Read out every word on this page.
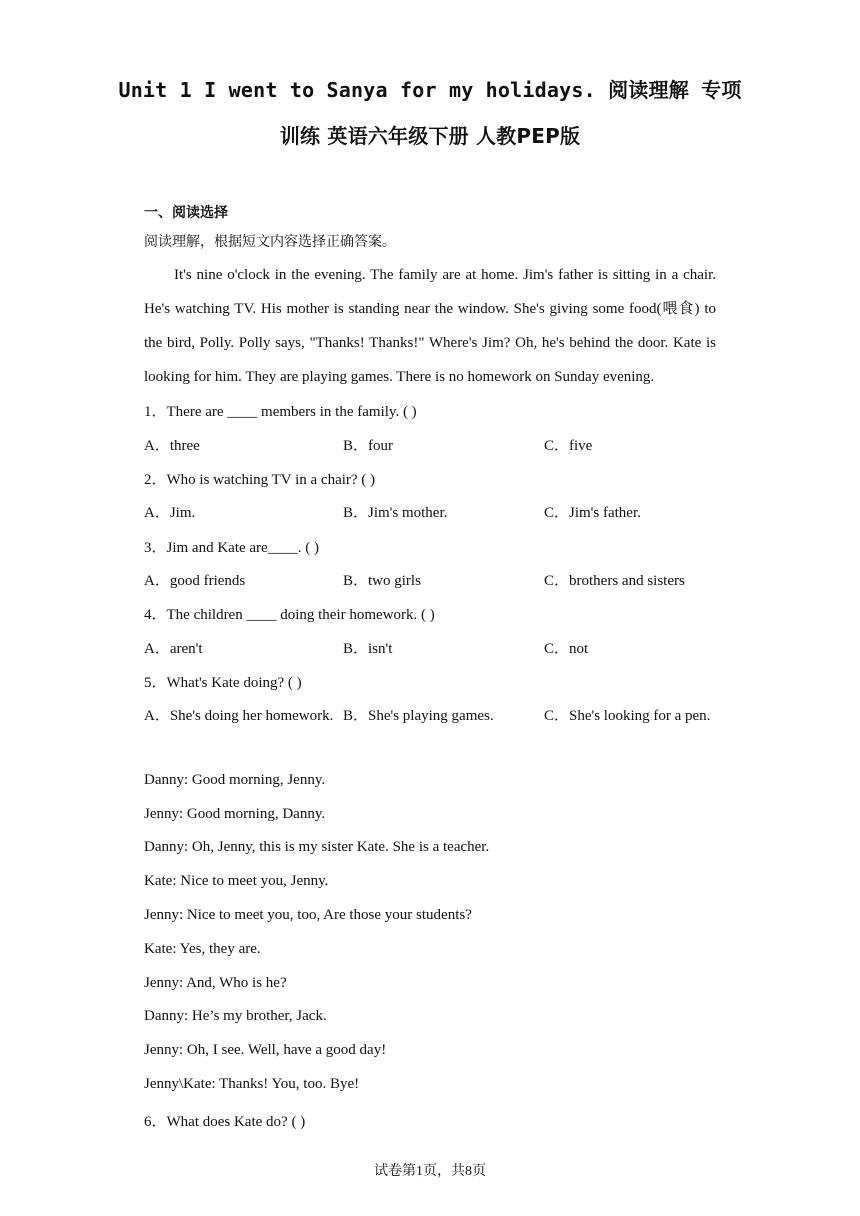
Unit 1 I went to Sanya for my holidays. 阅读理解 专项
训练 英语六年级下册 人教PEP版
一、阅读选择
阅读理解，根据短文内容选择正确答案。
It's nine o'clock in the evening. The family are at home. Jim's father is sitting in a chair. He's watching TV. His mother is standing near the window. She's giving some food(喂食) to the bird, Polly. Polly says, "Thanks! Thanks!" Where's Jim? Oh, he's behind the door. Kate is looking for him. They are playing games. There is no homework on Sunday evening.
1．There are ____ members in the family. ( )
A．three	B．four	C．five
2．Who is watching TV in a chair? ( )
A．Jim.	B．Jim's mother.	C．Jim's father.
3．Jim and Kate are____. ( )
A．good friends	B．two girls	C．brothers and sisters
4．The children ____ doing their homework. ( )
A．aren't	B．isn't	C．not
5．What's Kate doing? ( )
A．She's doing her homework. B．She's playing games.	C．She's looking for a pen.
Danny: Good morning, Jenny.
Jenny: Good morning, Danny.
Danny: Oh, Jenny, this is my sister Kate. She is a teacher.
Kate: Nice to meet you, Jenny.
Jenny: Nice to meet you, too, Are those your students?
Kate: Yes, they are.
Jenny: And, Who is he?
Danny: He’s my brother, Jack.
Jenny: Oh, I see. Well, have a good day!
Jenny\Kate: Thanks! You, too. Bye!
6．What does Kate do? ( )
试卷第1页，共8页
